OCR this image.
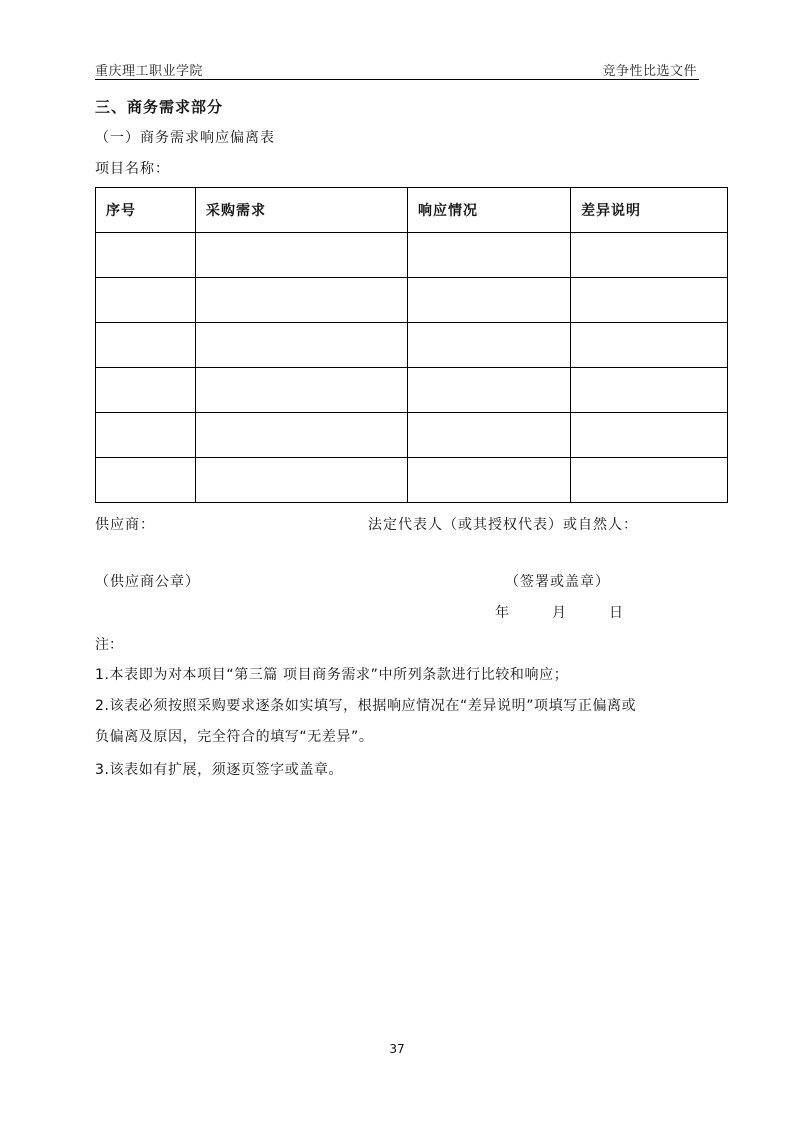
重庆理工职业学院	竞争性比选文件
三、商务需求部分
（一）商务需求响应偏离表
项目名称：
序号	采购需求	响应情况	差异说明

供应商：	法定代表人（或其授权代表）或自然人：
（供应商公章）	（签署或盖章）
年	月	日
注：
1.本表即为对本项目“第三篇 项目商务需求”中所列条款进行比较和响应；
2.该表必须按照采购要求逐条如实填写，根据响应情况在“差异说明”项填写正偏离或
负偏离及原因，完全符合的填写“无差异”。
3.该表如有扩展，须逐页签字或盖章。
37
